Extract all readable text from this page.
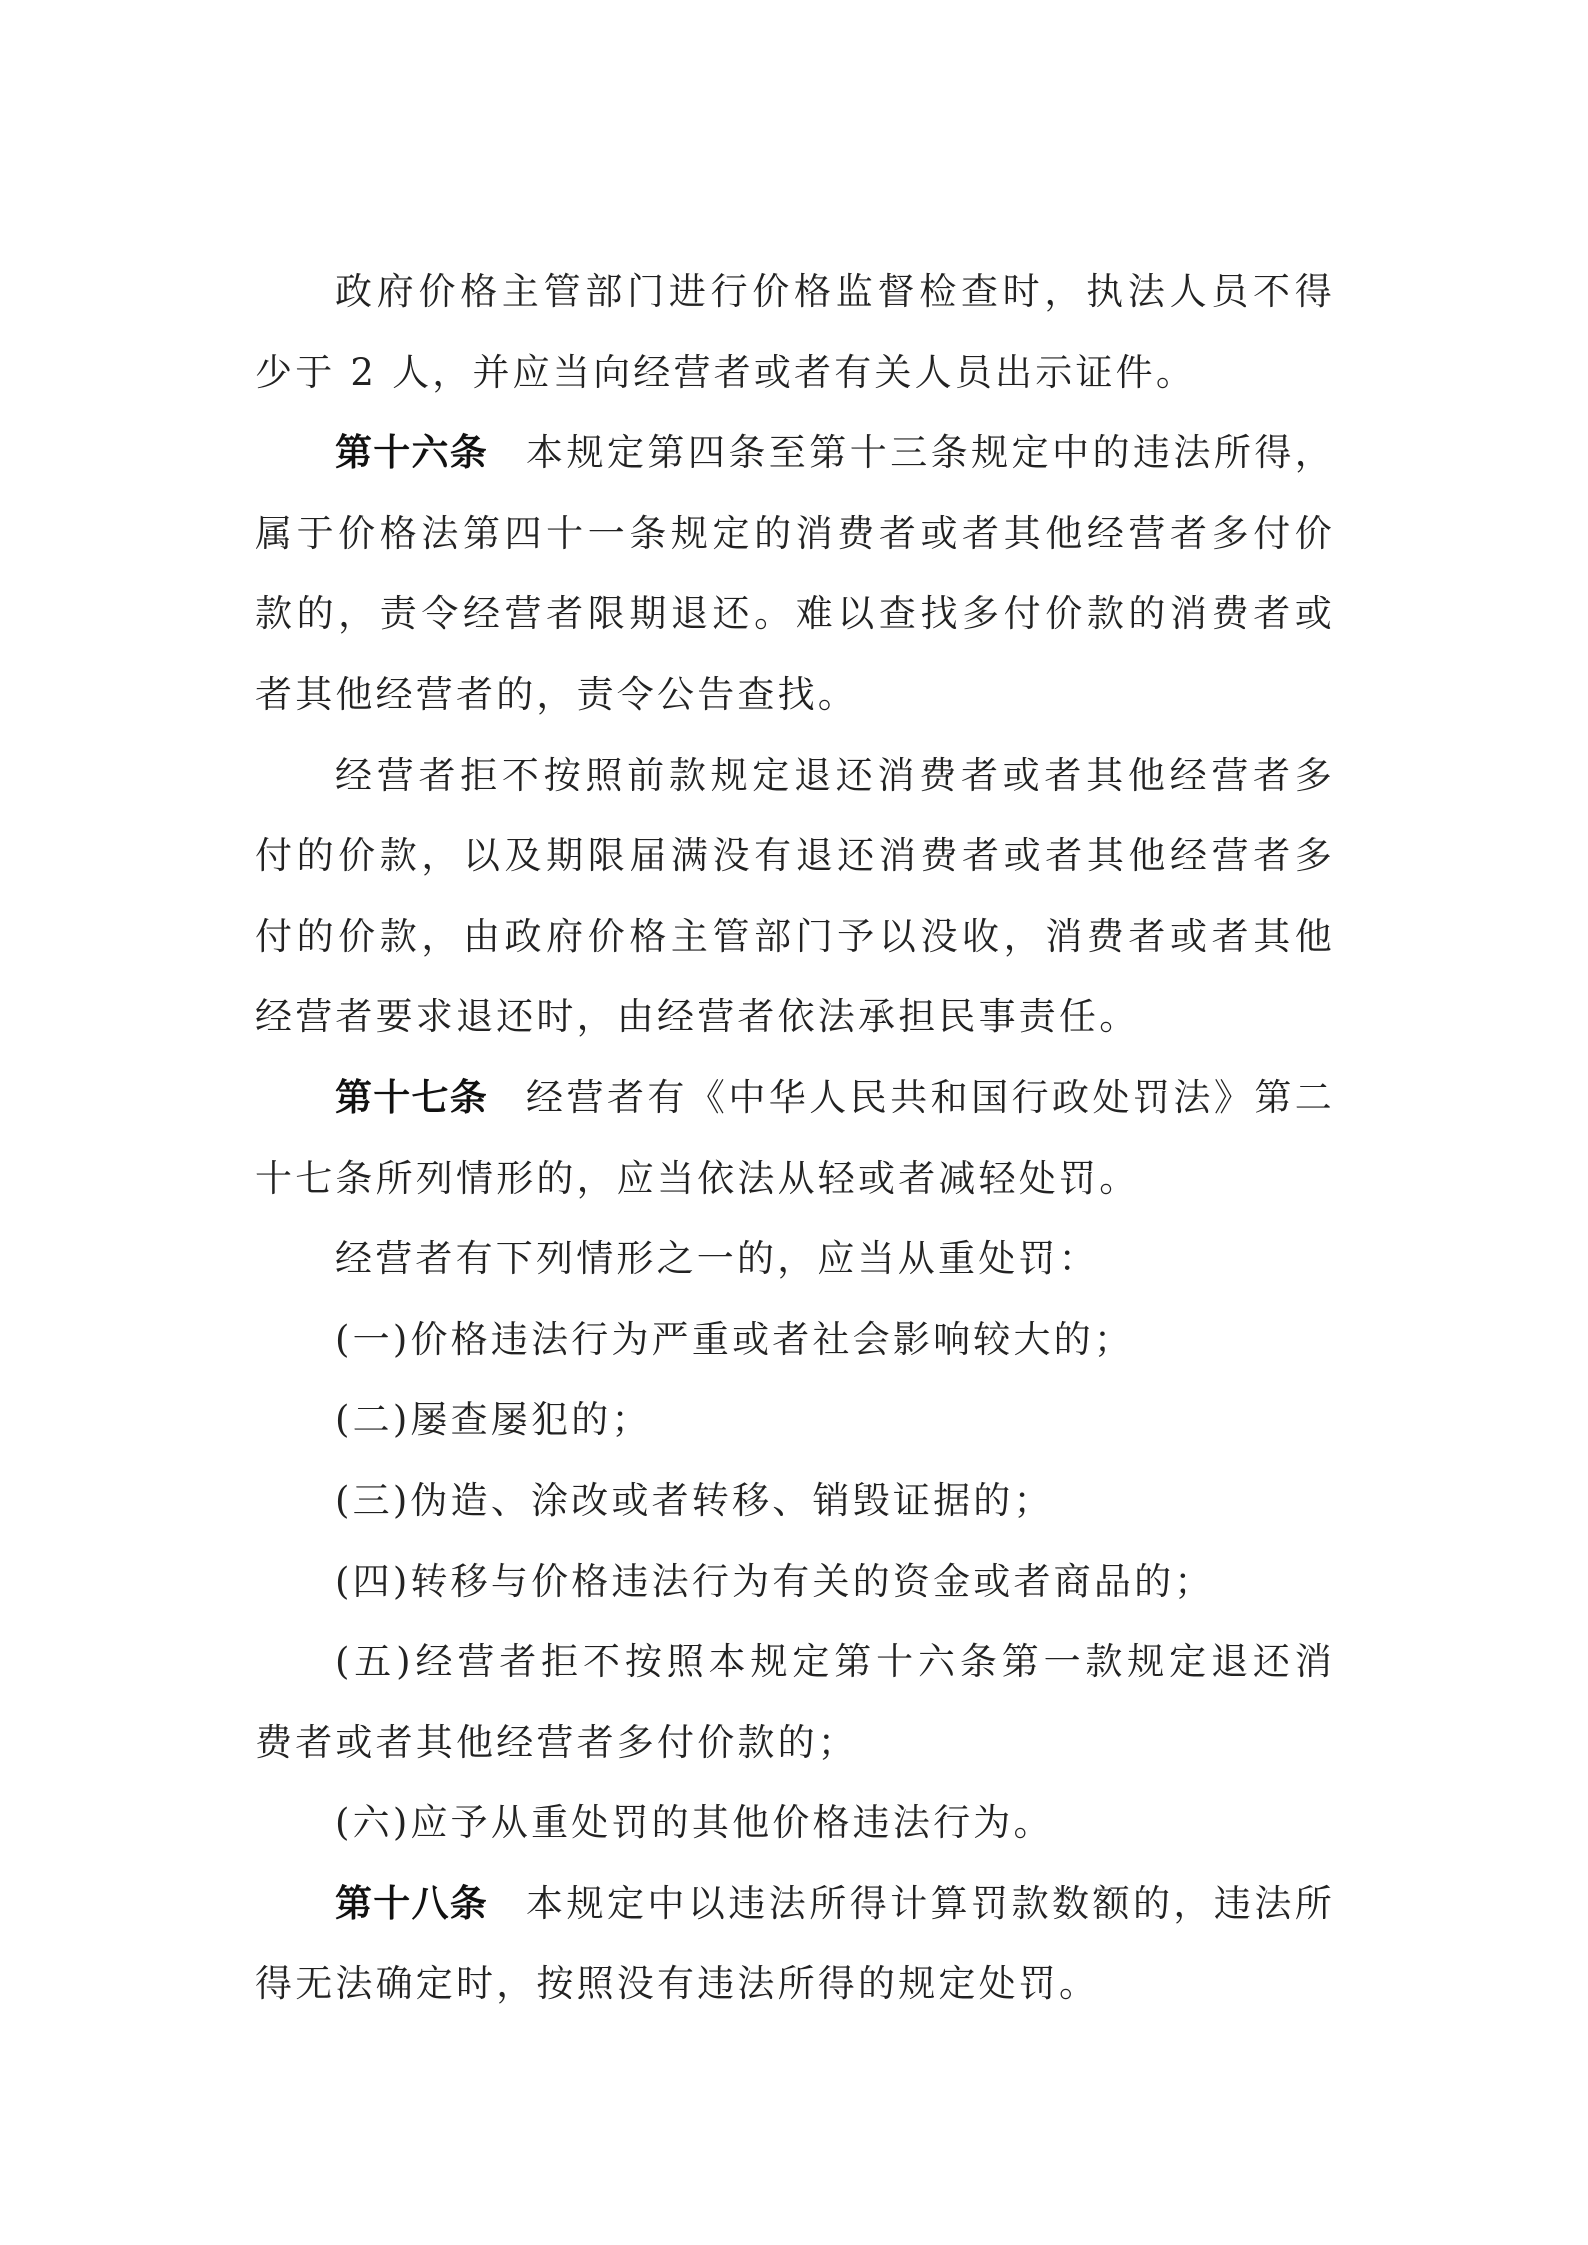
政府价格主管部门进行价格监督检查时，执法人员不得少于 2 人，并应当向经营者或者有关人员出示证件。

第十六条 本规定第四条至第十三条规定中的违法所得，属于价格法第四十一条规定的消费者或者其他经营者多付价款的，责令经营者限期退还。难以查找多付价款的消费者或者其他经营者的，责令公告查找。

经营者拒不按照前款规定退还消费者或者其他经营者多付的价款，以及期限届满没有退还消费者或者其他经营者多付的价款，由政府价格主管部门予以没收，消费者或者其他经营者要求退还时，由经营者依法承担民事责任。

第十七条 经营者有《中华人民共和国行政处罚法》第二十七条所列情形的，应当依法从轻或者减轻处罚。

经营者有下列情形之一的，应当从重处罚：

(一)价格违法行为严重或者社会影响较大的；

(二)屡查屡犯的；

(三)伪造、涂改或者转移、销毁证据的；

(四)转移与价格违法行为有关的资金或者商品的；

(五)经营者拒不按照本规定第十六条第一款规定退还消费者或者其他经营者多付价款的；

(六)应予从重处罚的其他价格违法行为。

第十八条 本规定中以违法所得计算罚款数额的，违法所得无法确定时，按照没有违法所得的规定处罚。
